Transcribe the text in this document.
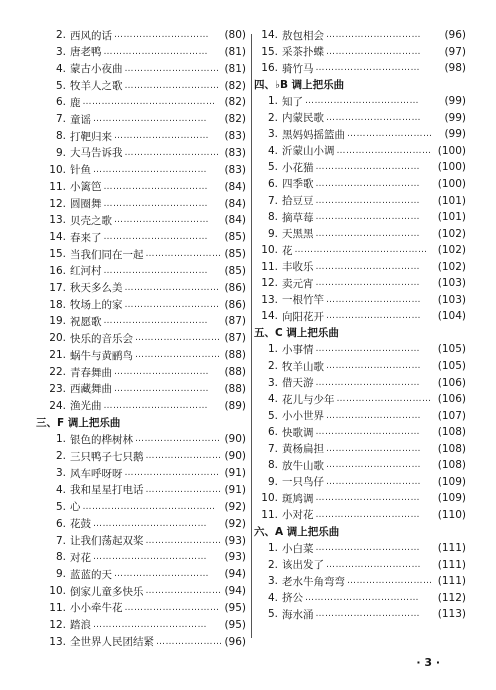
2. 西风的话 …………………………	(80)
3. 唐老鸭 ……………………………	(81)
4. 蒙古小夜曲 ………………………… (81)
5. 牧羊人之歌 ………………………… (82)
6. 鹿 …………………………………… (82)
7. 童谣 ………………………………	(82)
8. 打靶归来 …………………………	(83)
9. 大马告诉我 ………………………… (83)
10. 针鱼 ………………………………	(83)
11. 小篱笆 ……………………………	(84)
12. 圆圈舞 ……………………………	(84)
13. 贝壳之歌 …………………………	(84)
14. 春来了 ……………………………	(85)
15. 当我们同在一起 …………………… (85)
16. 红河村 ……………………………	(85)
17. 秋天多么美 ………………………… (86)
18. 牧场上的家 ………………………… (86)
19. 祝愿歌 ……………………………	(87)
20. 快乐的音乐会 ……………………… (87)
21. 蜗牛与黄鹂鸟 ……………………… (88)
22. 青春舞曲 …………………………	(88)
23. 西藏舞曲 …………………………	(88)
24. 渔光曲 ……………………………	(89)
三、F 调上把乐曲
1. 银色的桦树林 ……………………… (90)
2. 三只鸭子七只鹅 …………………… (90)
3. 风车呼呀呀 ………………………… (91)
4. 我和星星打电话 …………………… (91)
5. 心 …………………………………… (92)
6. 花鼓 ………………………………	(92)
7. 让我们荡起双桨 …………………… (93)
8. 对花 ………………………………	(93)
9. 蓝蓝的天 …………………………	(94)
10. 倒家儿童多快乐 …………………… (94)
11. 小小牵牛花 ………………………… (95)
12. 踏浪 ………………………………	(95)
13. 全世界人民团结紧 ………………… (96)
14. 敖包相会 …………………………	(96)
15. 采茶扑蝶 …………………………	(97)
16. 骑竹马 ……………………………	(98)
四、♭B 调上把乐曲
1. 知了 ………………………………	(99)
2. 内蒙民歌 …………………………	(99)
3. 黑妈妈摇篮曲 ………………………	(99)
4. 沂蒙山小调 ………………………… (100)
5. 小花猫 ……………………………	(100)
6. 四季歌 ……………………………	(100)
7. 拾豆豆 ……………………………	(101)
8. 摘草莓 ……………………………	(101)
9. 天黑黑 ……………………………	(102)
10. 花 …………………………………… (102)
11. 丰收乐 ……………………………	(102)
12. 卖元宵 ……………………………	(103)
13. 一根竹竿 …………………………	(103)
14. 向阳花开 …………………………	(104)
五、C 调上把乐曲
1. 小事情 ……………………………	(105)
2. 牧羊山歌 …………………………	(105)
3. 借天游 ……………………………	(106)
4. 花儿与少年 ………………………… (106)
5. 小小世界 …………………………	(107)
6. 快歌调 ……………………………	(108)
7. 黄杨扁担 …………………………	(108)
8. 放牛山歌 …………………………	(108)
9. 一只鸟仔 …………………………	(109)
10. 斑鸠调 ……………………………	(109)
11. 小对花 ……………………………	(110)
六、A 调上把乐曲
1. 小白菜 ……………………………	(111)
2. 该出发了 …………………………	(111)
3. 老水牛角弯弯 ……………………… (111)
4. 挤公 ………………………………	(112)
5. 海水涌 ……………………………	(113)
· 3 ·
